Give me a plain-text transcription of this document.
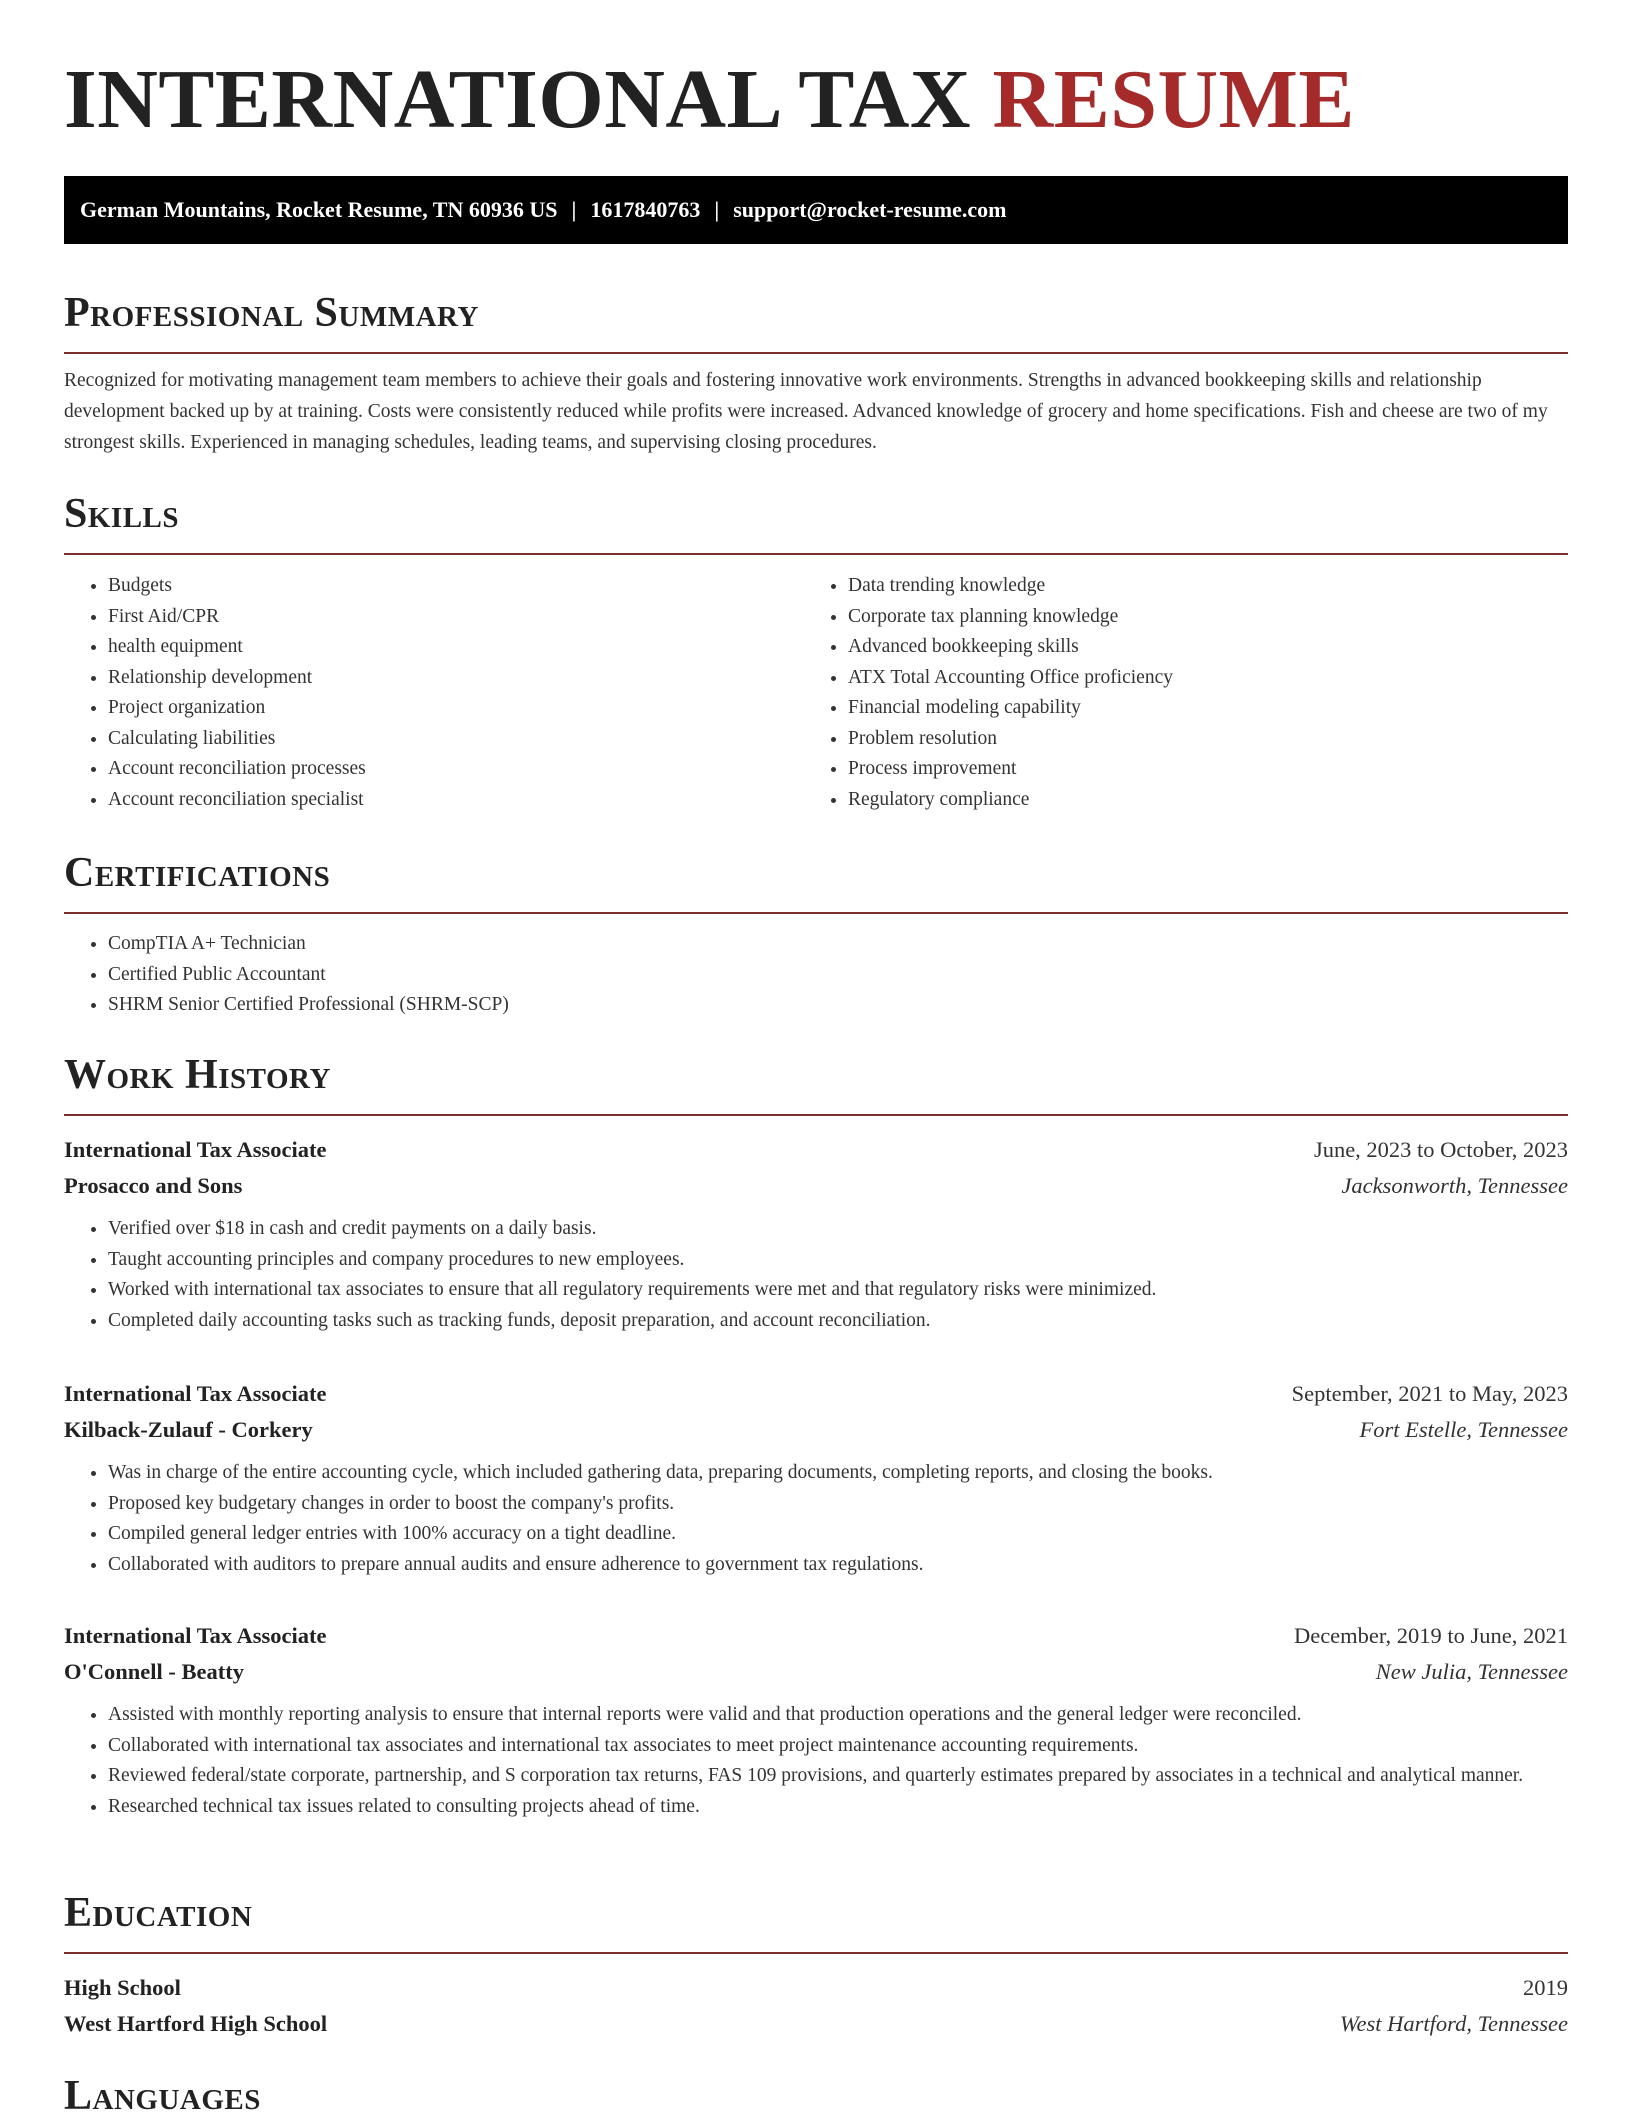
INTERNATIONAL TAX RESUME
German Mountains, Rocket Resume, TN 60936 US | 1617840763 | support@rocket-resume.com
Professional Summary

Recognized for motivating management team members to achieve their goals and fostering innovative work environments. Strengths in advanced bookkeeping skills and relationship development backed up by at training. Costs were consistently reduced while profits were increased. Advanced knowledge of grocery and home specifications. Fish and cheese are two of my strongest skills. Experienced in managing schedules, leading teams, and supervising closing procedures.

Skills
• Budgets
• First Aid/CPR
• health equipment
• Relationship development
• Project organization
• Calculating liabilities
• Account reconciliation processes
• Account reconciliation specialist
• Data trending knowledge
• Corporate tax planning knowledge
• Advanced bookkeeping skills
• ATX Total Accounting Office proficiency
• Financial modeling capability
• Problem resolution
• Process improvement
• Regulatory compliance
Certifications
• CompTIA A+ Technician
• Certified Public Accountant
• SHRM Senior Certified Professional (SHRM-SCP)
Work History
International Tax Associate	June, 2023 to October, 2023
Prosacco and Sons	Jacksonworth, Tennessee
• Verified over $18 in cash and credit payments on a daily basis.
• Taught accounting principles and company procedures to new employees.
• Worked with international tax associates to ensure that all regulatory requirements were met and that regulatory risks were minimized.
• Completed daily accounting tasks such as tracking funds, deposit preparation, and account reconciliation.
International Tax Associate	September, 2021 to May, 2023
Kilback-Zulauf - Corkery	Fort Estelle, Tennessee
• Was in charge of the entire accounting cycle, which included gathering data, preparing documents, completing reports, and closing the books.
• Proposed key budgetary changes in order to boost the company's profits.
• Compiled general ledger entries with 100% accuracy on a tight deadline.
• Collaborated with auditors to prepare annual audits and ensure adherence to government tax regulations.
International Tax Associate	December, 2019 to June, 2021
O'Connell - Beatty	New Julia, Tennessee
• Assisted with monthly reporting analysis to ensure that internal reports were valid and that production operations and the general ledger were reconciled.
• Collaborated with international tax associates and international tax associates to meet project maintenance accounting requirements.
• Reviewed federal/state corporate, partnership, and S corporation tax returns, FAS 109 provisions, and quarterly estimates prepared by associates in a technical and analytical manner.
• Researched technical tax issues related to consulting projects ahead of time.
Education
High School	2019
West Hartford High School	West Hartford, Tennessee
Languages
